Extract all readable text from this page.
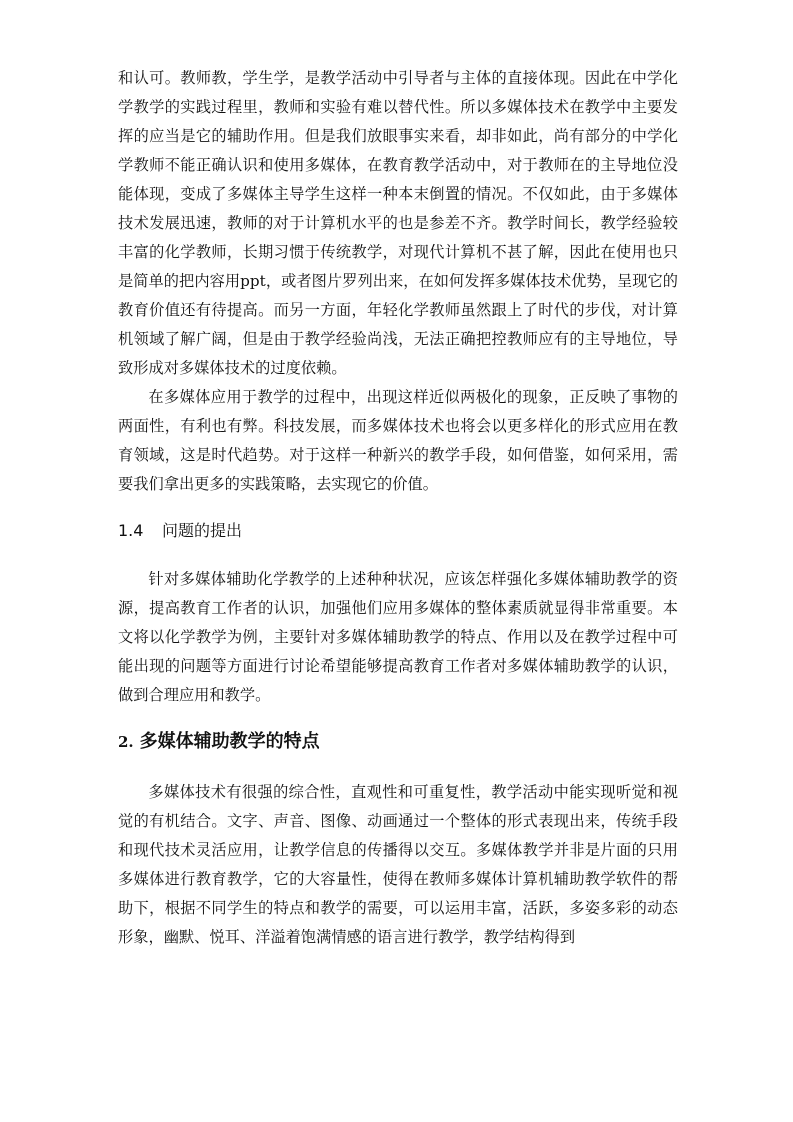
和认可。教师教，学生学，是教学活动中引导者与主体的直接体现。因此在中学化学教学的实践过程里，教师和实验有难以替代性。所以多媒体技术在教学中主要发挥的应当是它的辅助作用。但是我们放眼事实来看，却非如此，尚有部分的中学化学教师不能正确认识和使用多媒体，在教育教学活动中，对于教师在的主导地位没能体现，变成了多媒体主导学生这样一种本末倒置的情况。不仅如此，由于多媒体技术发展迅速，教师的对于计算机水平的也是参差不齐。教学时间长，教学经验较丰富的化学教师，长期习惯于传统教学，对现代计算机不甚了解，因此在使用也只是简单的把内容用ppt，或者图片罗列出来，在如何发挥多媒体技术优势，呈现它的教育价值还有待提高。而另一方面，年轻化学教师虽然跟上了时代的步伐，对计算机领域了解广阔，但是由于教学经验尚浅，无法正确把控教师应有的主导地位，导致形成对多媒体技术的过度依赖。

在多媒体应用于教学的过程中，出现这样近似两极化的现象，正反映了事物的两面性，有利也有弊。科技发展，而多媒体技术也将会以更多样化的形式应用在教育领域，这是时代趋势。对于这样一种新兴的教学手段，如何借鉴，如何采用，需要我们拿出更多的实践策略，去实现它的价值。

1.4 问题的提出

针对多媒体辅助化学教学的上述种种状况，应该怎样强化多媒体辅助教学的资源，提高教育工作者的认识，加强他们应用多媒体的整体素质就显得非常重要。本文将以化学教学为例，主要针对多媒体辅助教学的特点、作用以及在教学过程中可能出现的问题等方面进行讨论希望能够提高教育工作者对多媒体辅助教学的认识，做到合理应用和教学。

2. 多媒体辅助教学的特点

多媒体技术有很强的综合性，直观性和可重复性，教学活动中能实现听觉和视觉的有机结合。文字、声音、图像、动画通过一个整体的形式表现出来，传统手段和现代技术灵活应用，让教学信息的传播得以交互。多媒体教学并非是片面的只用多媒体进行教育教学，它的大容量性，使得在教师多媒体计算机辅助教学软件的帮助下，根据不同学生的特点和教学的需要，可以运用丰富，活跃，多姿多彩的动态形象，幽默、悦耳、洋溢着饱满情感的语言进行教学，教学结构得到
